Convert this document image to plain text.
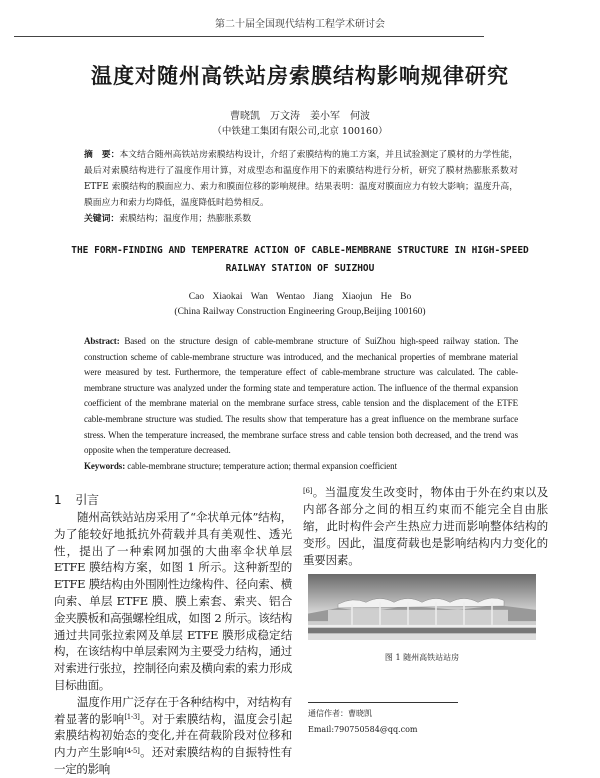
第二十届全国现代结构工程学术研讨会
温度对随州高铁站房索膜结构影响规律研究
曹晓凯　万文涛　姜小军　何波
（中铁建工集团有限公司,北京 100160）
摘　要：本文结合随州高铁站房索膜结构设计，介绍了索膜结构的施工方案，并且试验测定了膜材的力学性能，最后对索膜结构进行了温度作用计算，对成型态和温度作用下的索膜结构进行分析，研究了膜材热膨胀系数对 ETFE 索膜结构的膜面应力、索力和膜面位移的影响规律。结果表明：温度对膜面应力有较大影响；温度升高，膜面应力和索力均降低，温度降低时趋势相反。
关键词：索膜结构；温度作用；热膨胀系数
THE FORM-FINDING AND TEMPERATRE ACTION OF CABLE-MEMBRANE STRUCTURE IN HIGH-SPEED RAILWAY STATION OF SUIZHOU
Cao Xiaokai Wan Wentao Jiang Xiaojun He Bo
(China Railway Construction Engineering Group,Beijing 100160)
Abstract: Based on the structure design of cable-membrane structure of SuiZhou high-speed railway station. The construction scheme of cable-membrane structure was introduced, and the mechanical properties of membrane material were measured by test. Furthermore, the temperature effect of cable-membrane structure was calculated. The cable-membrane structure was analyzed under the forming state and temperature action. The influence of the thermal expansion coefficient of the membrane material on the membrane surface stress, cable tension and the displacement of the ETFE cable-membrane structure was studied. The results show that temperature has a great influence on the membrane surface stress. When the temperature increased, the membrane surface stress and cable tension both decreased, and the trend was opposite when the temperature decreased.
Keywords: cable-membrane structure; temperature action; thermal expansion coefficient
1 引言

随州高铁站站房采用了“伞状单元体”结构，为了能较好地抵抗外荷载并具有美观性、透光性，提出了一种索网加强的大曲率伞状单层 ETFE 膜结构方案，如图 1 所示。这种新型的 ETFE 膜结构由外围刚性边缘构件、径向索、横向索、单层 ETFE 膜、膜上索套、索夹、铝合金夹膜板和高强螺栓组成，如图 2 所示。该结构通过共同张拉索网及单层 ETFE 膜形成稳定结构，在该结构中单层索网为主要受力结构，通过对索进行张拉，控制径向索及横向索的索力形成目标曲面。

温度作用广泛存在于各种结构中，对结构有着显著的影响[1-3]。对于索膜结构，温度会引起索膜结构初始态的变化,并在荷载阶段对位移和内力产生影响[4-5]。还对索膜结构的自振特性有一定的影响

[6]。当温度发生改变时，物体由于外在约束以及内部各部分之间的相互约束而不能完全自由胀缩，此时构件会产生热应力进而影响整体结构的变形。因此，温度荷载也是影响结构内力变化的重要因素。
图 1 随州高铁站站房
通信作者：曹晓凯
Email:790750584@qq.com
